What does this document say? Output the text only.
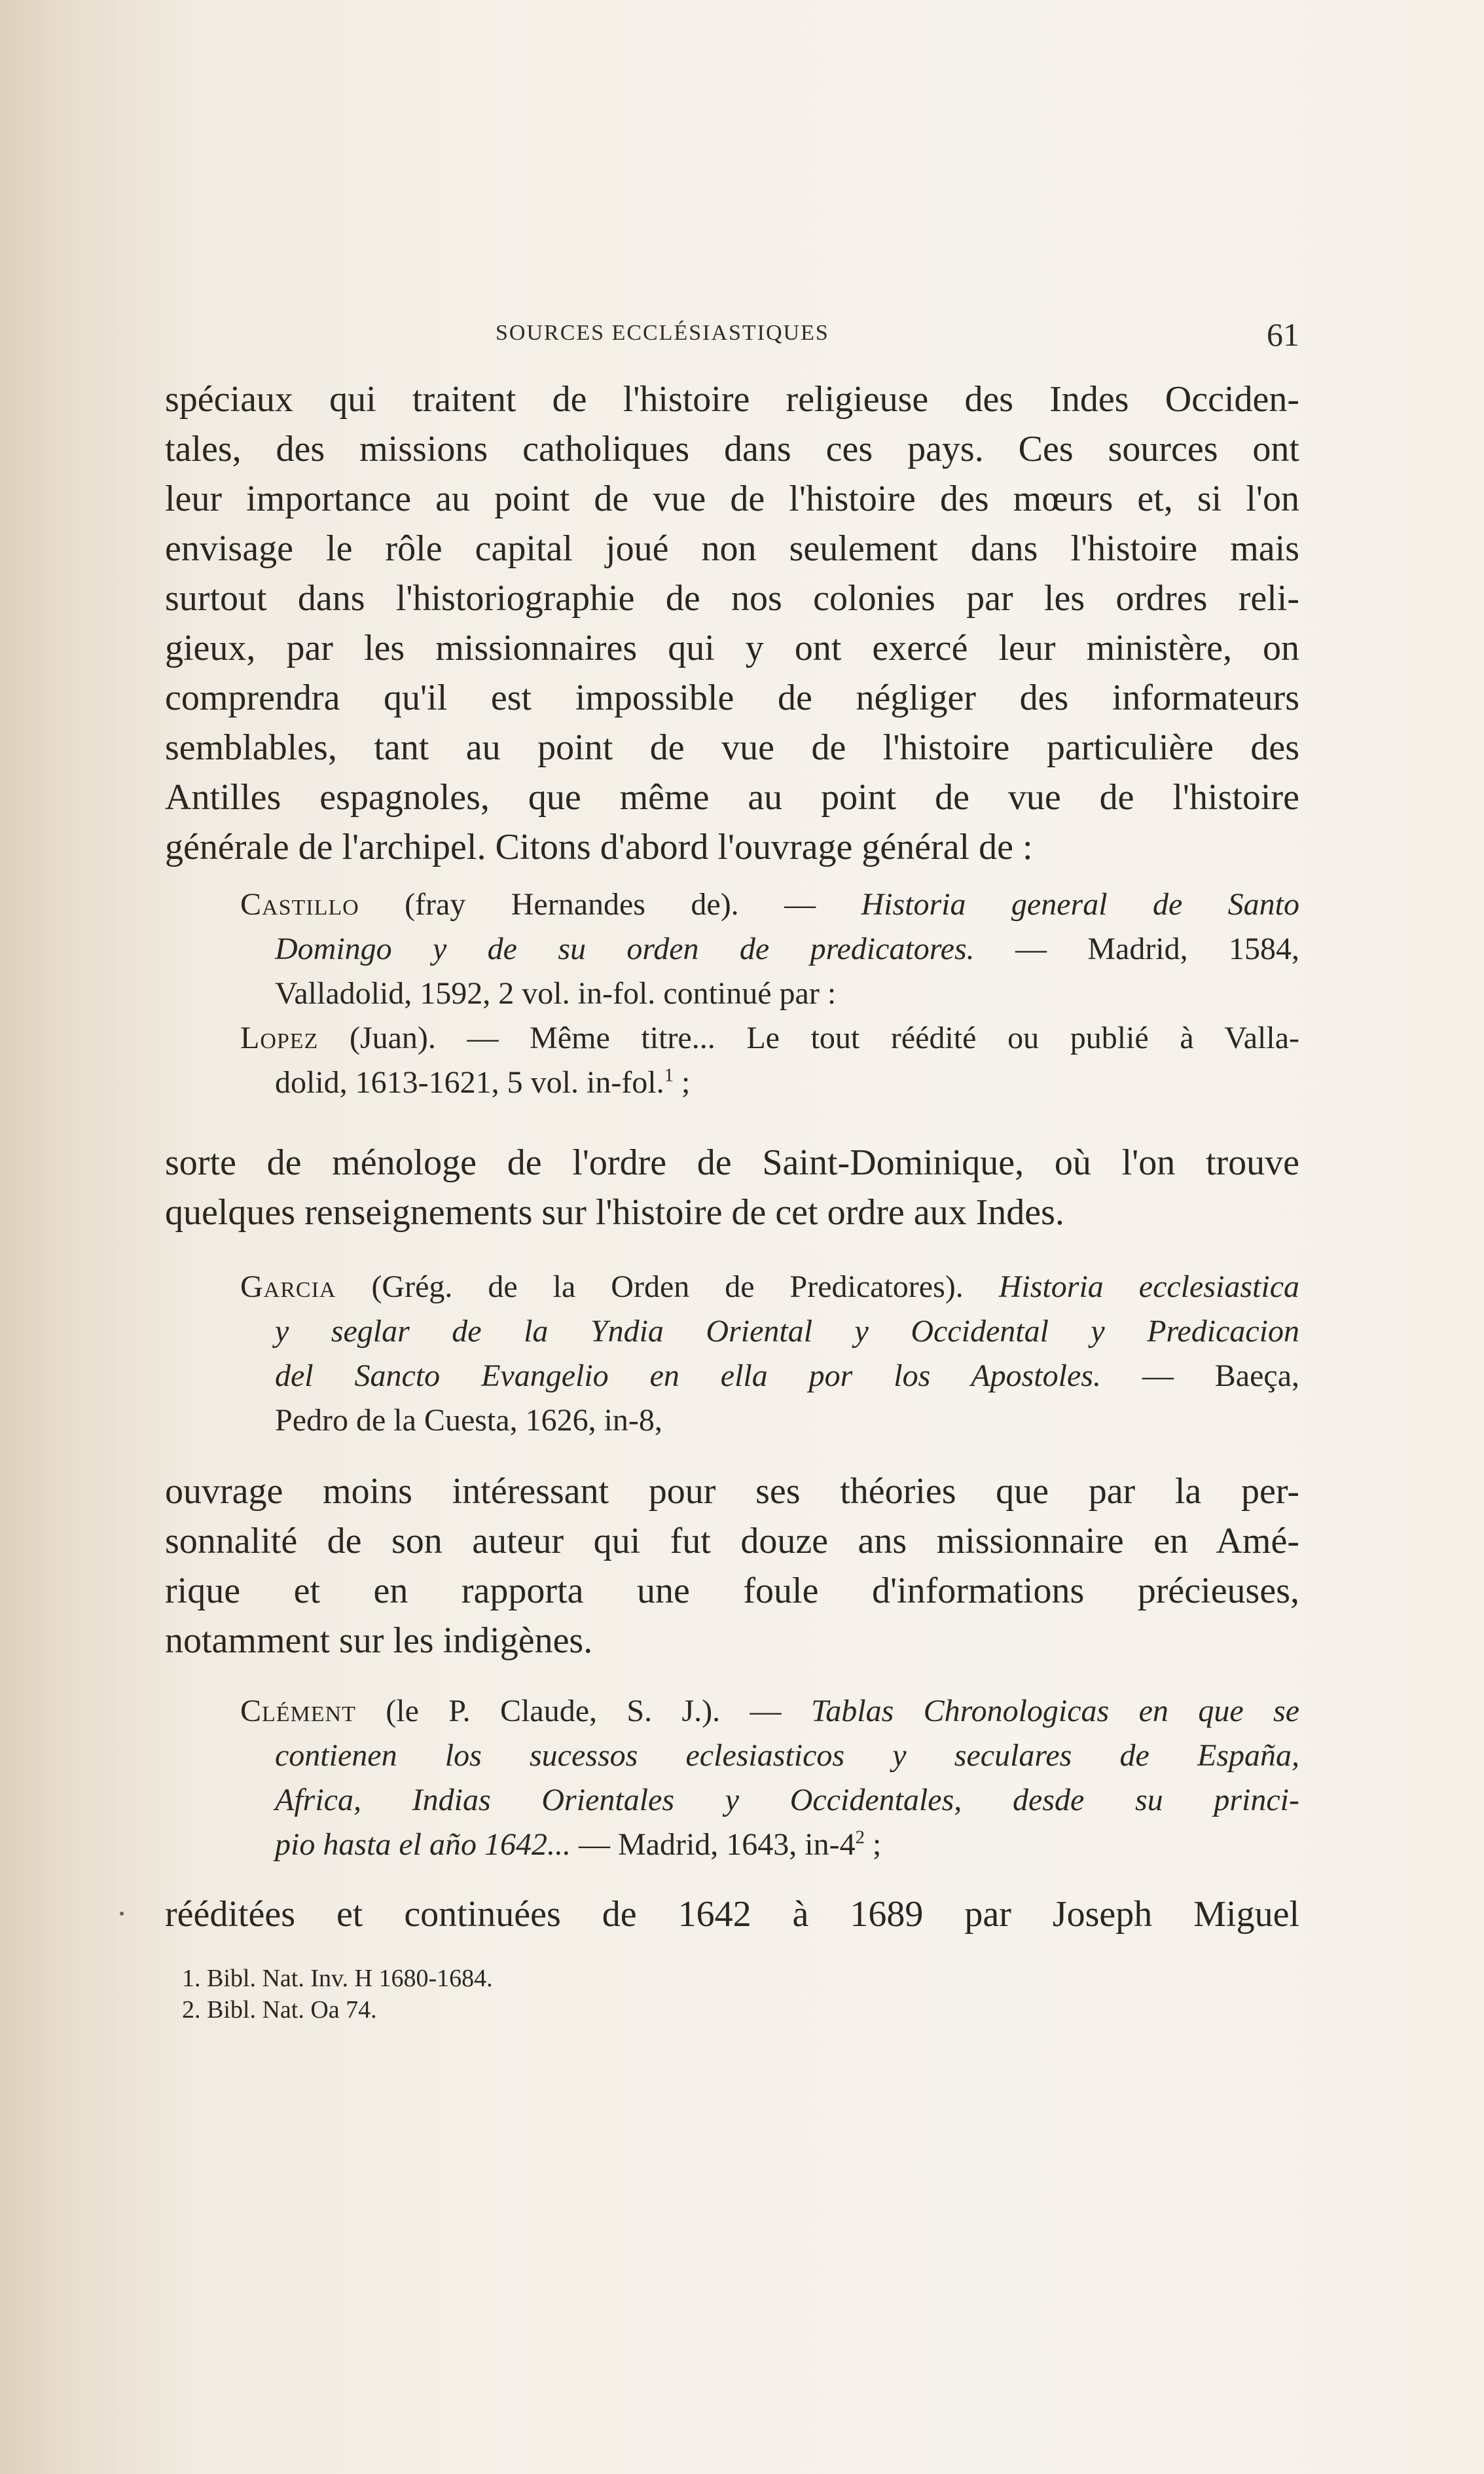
SOURCES ECCLÉSIASTIQUES	61
spéciaux qui traitent de l'histoire religieuse des Indes Occiden-
tales, des missions catholiques dans ces pays. Ces sources ont
leur importance au point de vue de l'histoire des mœurs et, si l'on
envisage le rôle capital joué non seulement dans l'histoire mais
surtout dans l'historiographie de nos colonies par les ordres reli-
gieux, par les missionnaires qui y ont exercé leur ministère, on
comprendra qu'il est impossible de négliger des informateurs
semblables, tant au point de vue de l'histoire particulière des
Antilles espagnoles, que même au point de vue de l'histoire
générale de l'archipel. Citons d'abord l'ouvrage général de :
Castillo (fray Hernandes de). — Historia general de Santo
Domingo y de su orden de predicatores. — Madrid, 1584,
Valladolid, 1592, 2 vol. in-fol. continué par :
Lopez (Juan). — Même titre... Le tout réédité ou publié à Valla-
dolid, 1613-1621, 5 vol. in-fol.$^1$ ;
sorte de ménologe de l'ordre de Saint-Dominique, où l'on trouve
quelques renseignements sur l'histoire de cet ordre aux Indes.
Garcia (Grég. de la Orden de Predicatores). Historia ecclesiastica
y seglar de la Yndia Oriental y Occidental y Predicacion
del Sancto Evangelio en ella por los Apostoles. — Baeça,
Pedro de la Cuesta, 1626, in-8,
ouvrage moins intéressant pour ses théories que par la per-
sonnalité de son auteur qui fut douze ans missionnaire en Amé-
rique et en rapporta une foule d'informations précieuses,
notamment sur les indigènes.
Clément (le P. Claude, S. J.). — Tablas Chronologicas en que se
contienen los sucessos eclesiasticos y seculares de España,
Africa, Indias Orientales y Occidentales, desde su princi-
pio hasta el año 1642... — Madrid, 1643, $in-4^2$ ;
rééditées et continuées de 1642 à 1689 par Joseph Miguel
1. Bibl. Nat. Inv. H 1680-1684.
2. Bibl. Nat. Oa 74.
